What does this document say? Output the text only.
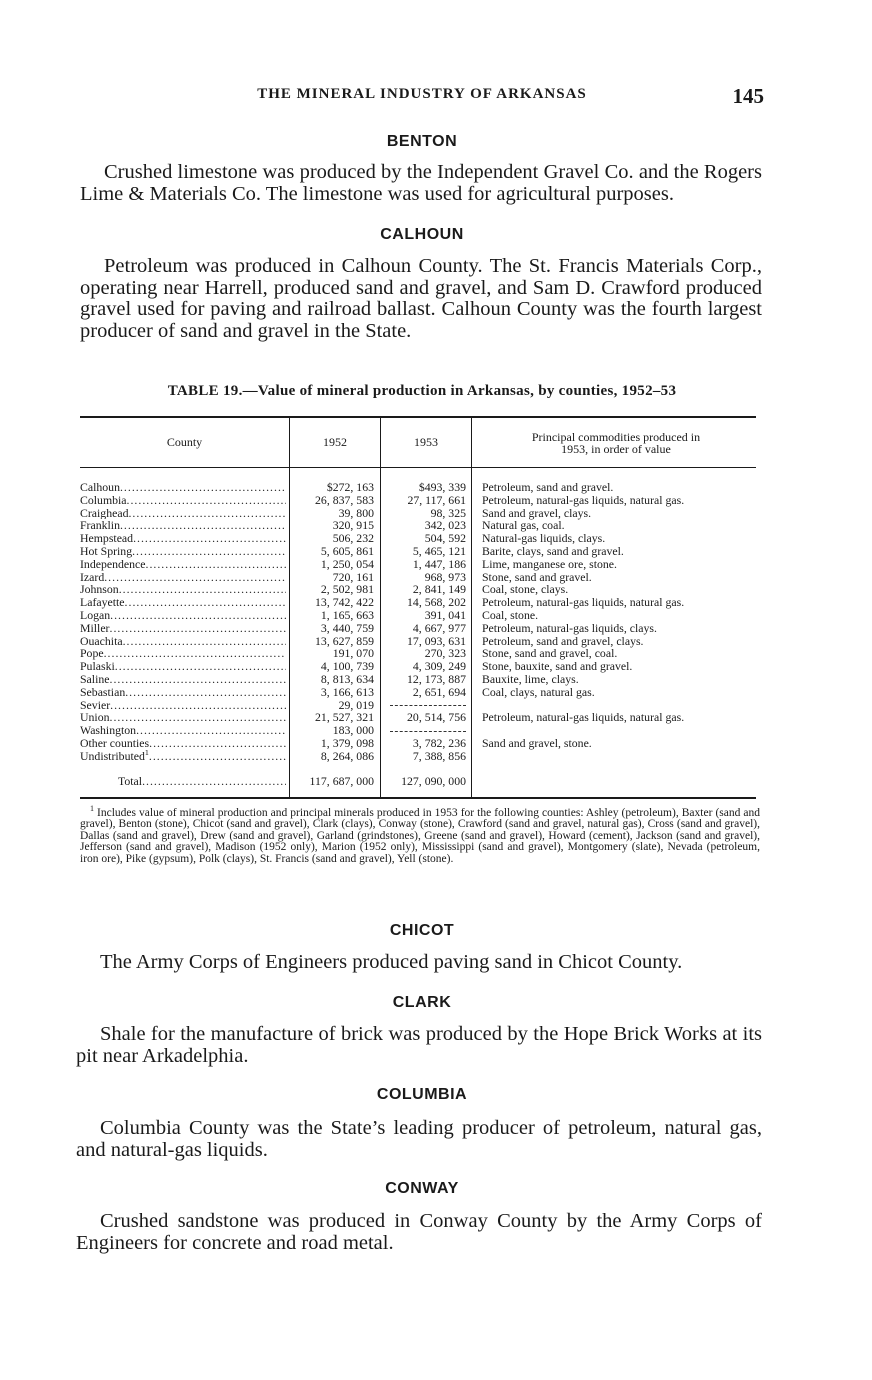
THE MINERAL INDUSTRY OF ARKANSAS	145
BENTON

Crushed limestone was produced by the Independent Gravel Co. and the Rogers Lime & Materials Co. The limestone was used for agricultural purposes.

CALHOUN

Petroleum was produced in Calhoun County. The St. Francis Materials Corp., operating near Harrell, produced sand and gravel, and Sam D. Crawford produced gravel used for paving and railroad ballast. Calhoun County was the fourth largest producer of sand and gravel in the State.

TABLE 19.—Value of mineral production in Arkansas, by counties, 1952–53
County	1952	1953	Principal commodities produced in
1953, in order of value
Calhoun .....	$272, 163	$493, 339 Petroleum, sand and gravel.
Columbia .....	26, 837, 583	27, 117, 661 Petroleum, natural-gas liquids, natural gas.
Craighead .....	39, 800	98, 325 Sand and gravel, clays.
Franklin .....	320, 915	342, 023 Natural gas, coal.
Hempstead .....	506, 232	504, 592 Natural-gas liquids, clays.
Hot Spring .....	5, 605, 861	5, 465, 121 Barite, clays, sand and gravel.
Independence .....	1, 250, 054	1, 447, 186 Lime, manganese ore, stone.
Izard .....	720, 161	968, 973 Stone, sand and gravel.
Johnson .....	2, 502, 981	2, 841, 149 Coal, stone, clays.
Lafayette .....	13, 742, 422	14, 568, 202 Petroleum, natural-gas liquids, natural gas.
Logan .....	1, 165, 663	391, 041 Coal, stone.
Miller .....	3, 440, 759	4, 667, 977 Petroleum, natural-gas liquids, clays.
Ouachita .....	13, 627, 859	17, 093, 631 Petroleum, sand and gravel, clays.
Pope .....	191, 070	270, 323 Stone, sand and gravel, coal.
Pulaski .....	4, 100, 739	4, 309, 249 Stone, bauxite, sand and gravel.
Saline .....	8, 813, 634	12, 173, 887 Bauxite, lime, clays.
Sebastian .....	3, 166, 613	2, 651, 694 Coal, clays, natural gas.
Sevier .....	29, 019
Union .....	21, 527, 321	20, 514, 756 Petroleum, natural-gas liquids, natural gas.
Washington .....	183, 000
Other counties .....	1, 379, 098	3, 782, 236 Sand and gravel, stone.
Undistributed$^1$ .....	8, 264, 086	7, 388, 856
Total .....	117, 687, 000	127, 090, 000

$^1$ Includes value of mineral production and principal minerals produced in 1953 for the following counties: Ashley (petroleum), Baxter (sand and gravel), Benton (stone), Chicot (sand and gravel), Clark (clays), Conway (stone), Crawford (sand and gravel, natural gas), Cross (sand and gravel), Dallas (sand and gravel), Drew (sand and gravel), Garland (grindstones), Greene (sand and gravel), Howard (cement), Jackson (sand and gravel), Jefferson (sand and gravel), Madison (1952 only), Marion (1952 only), Mississippi (sand and gravel), Montgomery (slate), Nevada (petroleum, iron ore), Pike (gypsum), Polk (clays), St. Francis (sand and gravel), Yell (stone).

CHICOT

The Army Corps of Engineers produced paving sand in Chicot County.

CLARK

Shale for the manufacture of brick was produced by the Hope Brick Works at its pit near Arkadelphia.

COLUMBIA

Columbia County was the State’s leading producer of petroleum, natural gas, and natural-gas liquids.

CONWAY

Crushed sandstone was produced in Conway County by the Army Corps of Engineers for concrete and road metal.
